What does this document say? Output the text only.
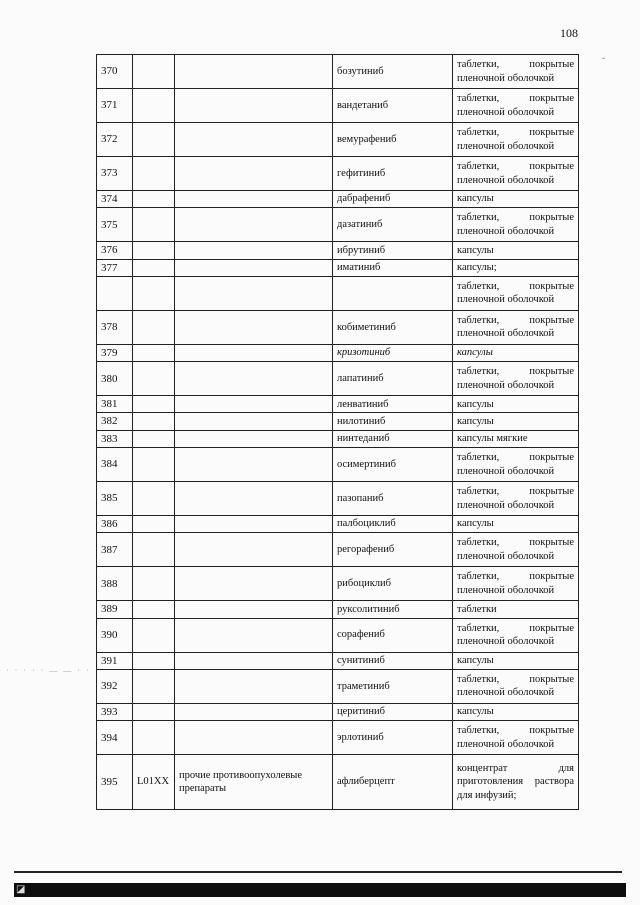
108
ˇ
· · · · · — — · ·
370			бозутиниб	таблетки, покрытые пленочной оболочкой
371			вандетаниб	таблетки, покрытые пленочной оболочкой
372			вемурафениб	таблетки, покрытые пленочной оболочкой
373			гефитиниб	таблетки, покрытые пленочной оболочкой
374			дабрафениб	капсулы
375			дазатиниб	таблетки, покрытые пленочной оболочкой
376			ибрутиниб	капсулы
377			иматиниб	капсулы;
				таблетки, покрытые пленочной оболочкой
378			кобиметиниб	таблетки, покрытые пленочной оболочкой
379			кризотиниб	капсулы
380			лапатиниб	таблетки, покрытые пленочной оболочкой
381			ленватиниб	капсулы
382			нилотиниб	капсулы
383			нинтеданиб	капсулы мягкие
384			осимертиниб	таблетки, покрытые пленочной оболочкой
385			пазопаниб	таблетки, покрытые пленочной оболочкой
386			палбоциклиб	капсулы
387			регорафениб	таблетки, покрытые пленочной оболочкой
388			рибоциклиб	таблетки, покрытые пленочной оболочкой
389			руксолитиниб	таблетки
390			сорафениб	таблетки, покрытые пленочной оболочкой
391			сунитиниб	капсулы
392			траметиниб	таблетки, покрытые пленочной оболочкой
393			церитиниб	капсулы
394			эрлотиниб	таблетки, покрытые пленочной оболочкой
395	L01XX	прочие противоопухолевые препараты	афлиберцепт	концентрат для приготовления раствора для инфузий;
◪
